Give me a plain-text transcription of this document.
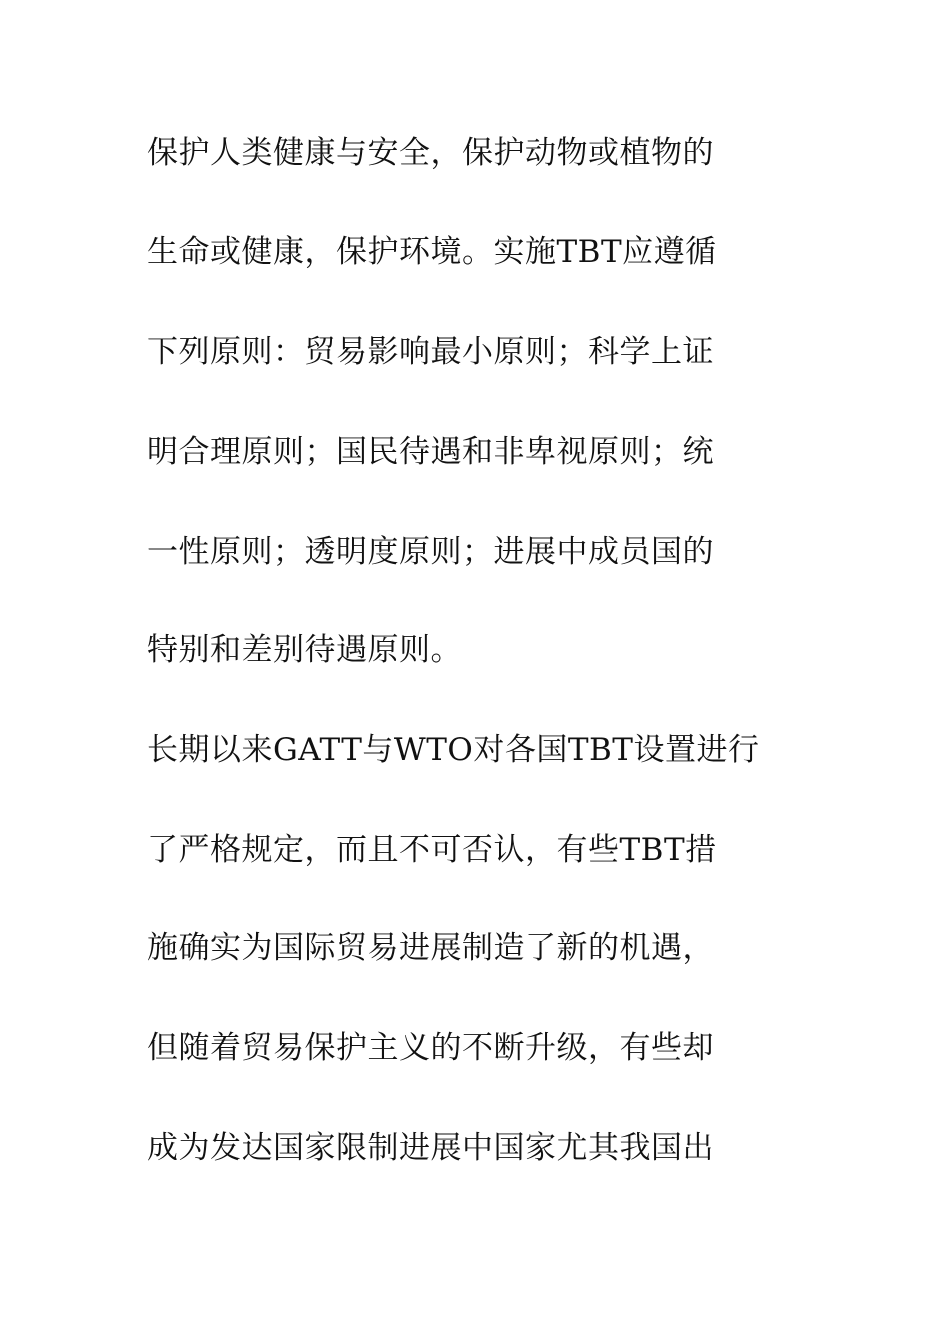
保护人类健康与安全，保护动物或植物的
生命或健康，保护环境。实施TBT应遵循
下列原则：贸易影响最小原则；科学上证
明合理原则；国民待遇和非卑视原则；统
一性原则；透明度原则；进展中成员国的
特别和差别待遇原则。
长期以来GATT与WTO对各国TBT设置进行
了严格规定，而且不可否认，有些TBT措
施确实为国际贸易进展制造了新的机遇，
但随着贸易保护主义的不断升级，有些却
成为发达国家限制进展中国家尤其我国出
